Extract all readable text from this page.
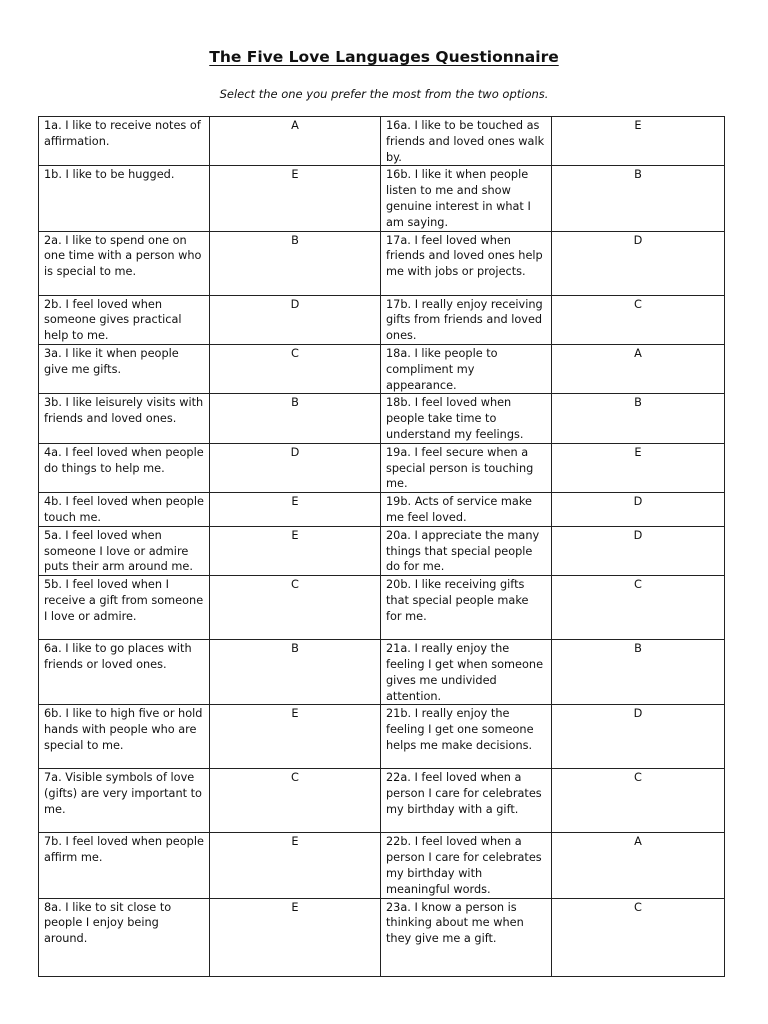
The Five Love Languages Questionnaire
Select the one you prefer the most from the two options.
1a. I like to receive notes of affirmation.	A	16a. I like to be touched as friends and loved ones walk by.	E
1b. I like to be hugged.	E	16b. I like it when people listen to me and show genuine interest in what I am saying.	B
2a. I like to spend one on one time with a person who is special to me.	B	17a. I feel loved when friends and loved ones help me with jobs or projects.	D
2b. I feel loved when someone gives practical help to me.	D	17b. I really enjoy receiving gifts from friends and loved ones.	C
3a. I like it when people give me gifts.	C	18a. I like people to compliment my appearance.	A
3b. I like leisurely visits with friends and loved ones.	B	18b. I feel loved when people take time to understand my feelings.	B
4a. I feel loved when people do things to help me.	D	19a. I feel secure when a special person is touching me.	E
4b. I feel loved when people touch me.	E	19b. Acts of service make me feel loved.	D
5a. I feel loved when someone I love or admire puts their arm around me.	E	20a. I appreciate the many things that special people do for me.	D
5b. I feel loved when I receive a gift from someone I love or admire.	C	20b. I like receiving gifts that special people make for me.	C
6a. I like to go places with friends or loved ones.	B	21a. I really enjoy the feeling I get when someone gives me undivided attention.	B
6b. I like to high five or hold hands with people who are special to me.	E	21b. I really enjoy the feeling I get one someone helps me make decisions.	D
7a. Visible symbols of love (gifts) are very important to me.	C	22a. I feel loved when a person I care for celebrates my birthday with a gift.	C
7b. I feel loved when people affirm me.	E	22b. I feel loved when a person I care for celebrates my birthday with meaningful words.	A
8a. I like to sit close to people I enjoy being around.	E	23a. I know a person is thinking about me when they give me a gift.	C
